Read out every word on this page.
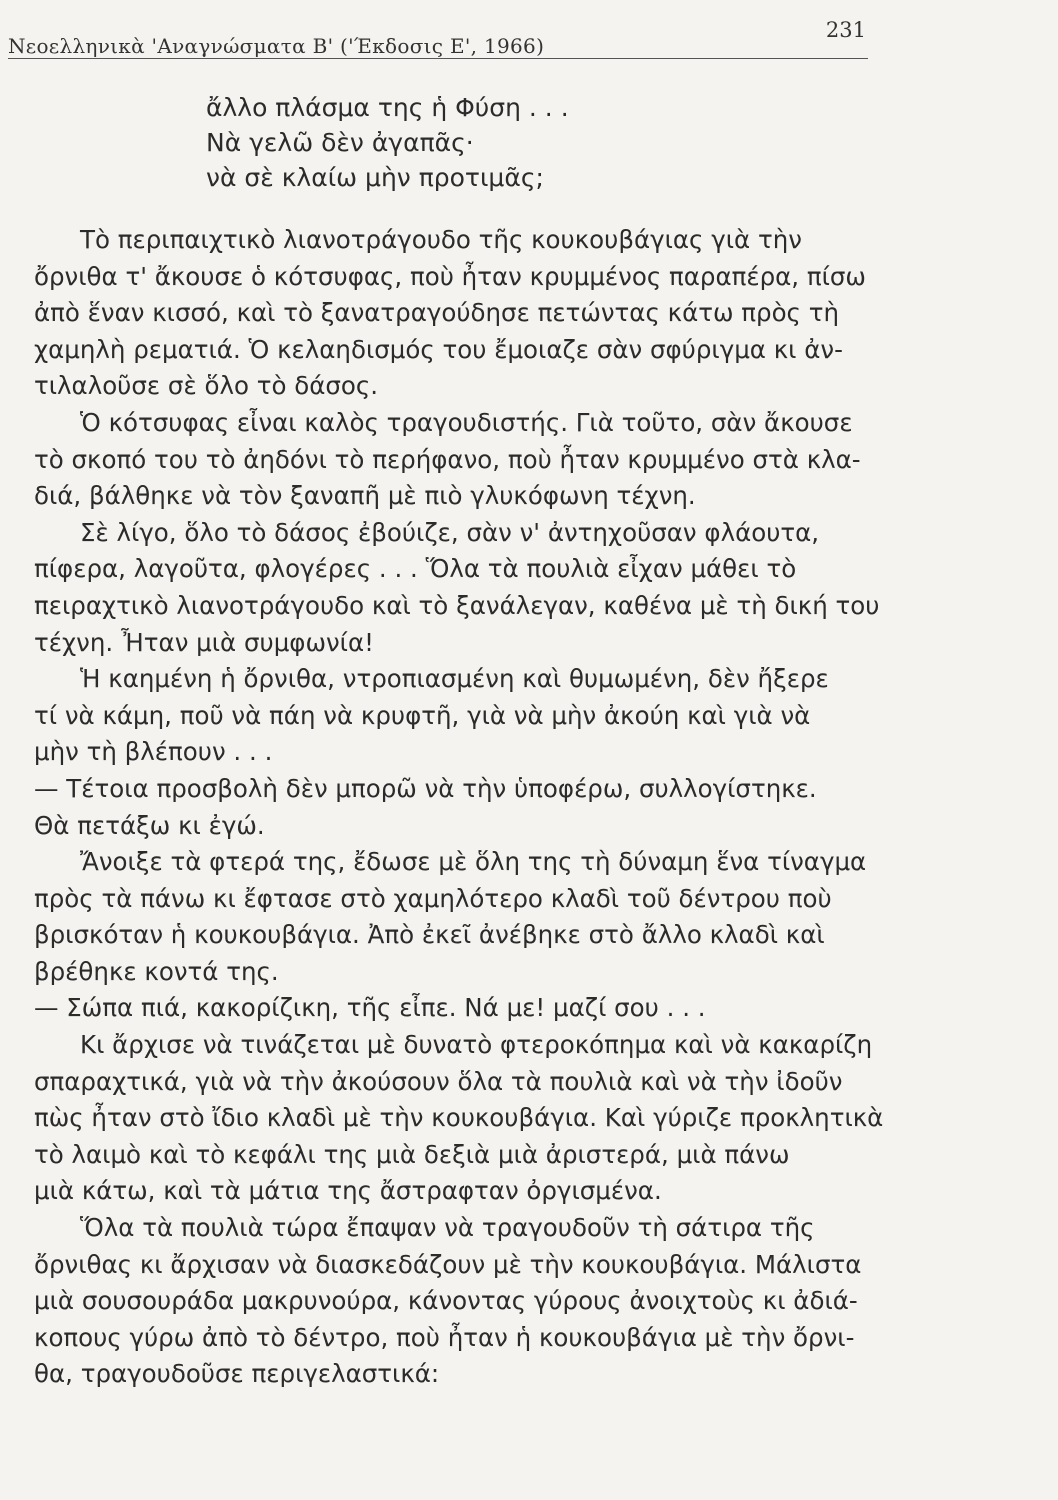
Νεοελληνικὰ 'Αναγνώσματα Β' ('Έκδοσις Ε', 1966)
231
ἄλλο πλάσμα της ἡ Φύση . . .
Νὰ γελῶ δὲν ἀγαπᾶς·
νὰ σὲ κλαίω μὴν προτιμᾶς;
Τὸ περιπαιχτικὸ λιανοτράγουδο τῆς κουκουβάγιας γιὰ τὴν
ὄρνιθα τ' ἄκουσε ὁ κότσυφας, ποὺ ἦταν κρυμμένος παραπέρα, πίσω
ἀπὸ ἕναν κισσό, καὶ τὸ ξανατραγούδησε πετώντας κάτω πρὸς τὴ
χαμηλὴ ρεματιά. Ὁ κελαηδισμός του ἔμοιαζε σὰν σφύριγμα κι ἀν-
τιλαλοῦσε σὲ ὅλο τὸ δάσος.
Ὁ κότσυφας εἶναι καλὸς τραγουδιστής. Γιὰ τοῦτο, σὰν ἄκουσε
τὸ σκοπό του τὸ ἀηδόνι τὸ περήφανο, ποὺ ἦταν κρυμμένο στὰ κλα-
διά, βάλθηκε νὰ τὸν ξαναπῆ μὲ πιὸ γλυκόφωνη τέχνη.
Σὲ λίγο, ὅλο τὸ δάσος ἐβούιζε, σὰν ν' ἀντηχοῦσαν φλάουτα,
πίφερα, λαγοῦτα, φλογέρες . . . Ὅλα τὰ πουλιὰ εἶχαν μάθει τὸ
πειραχτικὸ λιανοτράγουδο καὶ τὸ ξανάλεγαν, καθένα μὲ τὴ δική του
τέχνη. Ἦταν μιὰ συμφωνία!
Ἡ καημένη ἡ ὄρνιθα, ντροπιασμένη καὶ θυμωμένη, δὲν ἤξερε
τί νὰ κάμη, ποῦ νὰ πάη νὰ κρυφτῆ, γιὰ νὰ μὴν ἀκούη καὶ γιὰ νὰ
μὴν τὴ βλέπουν . . .
— Τέτοια προσβολὴ δὲν μπορῶ νὰ τὴν ὑποφέρω, συλλογίστηκε.
Θὰ πετάξω κι ἐγώ.
Ἄνοιξε τὰ φτερά της, ἔδωσε μὲ ὅλη της τὴ δύναμη ἕνα τίναγμα
πρὸς τὰ πάνω κι ἔφτασε στὸ χαμηλότερο κλαδὶ τοῦ δέντρου ποὺ
βρισκόταν ἡ κουκουβάγια. Ἀπὸ ἐκεῖ ἀνέβηκε στὸ ἄλλο κλαδὶ καὶ
βρέθηκε κοντά της.
— Σώπα πιά, κακορίζικη, τῆς εἶπε. Νά με! μαζί σου . . .
Κι ἄρχισε νὰ τινάζεται μὲ δυνατὸ φτεροκόπημα καὶ νὰ κακαρίζη
σπαραχτικά, γιὰ νὰ τὴν ἀκούσουν ὅλα τὰ πουλιὰ καὶ νὰ τὴν ἰδοῦν
πὼς ἦταν στὸ ἴδιο κλαδὶ μὲ τὴν κουκουβάγια. Καὶ γύριζε προκλητικὰ
τὸ λαιμὸ καὶ τὸ κεφάλι της μιὰ δεξιὰ μιὰ ἀριστερά, μιὰ πάνω
μιὰ κάτω, καὶ τὰ μάτια της ἄστραφταν ὀργισμένα.
Ὅλα τὰ πουλιὰ τώρα ἔπαψαν νὰ τραγουδοῦν τὴ σάτιρα τῆς
ὄρνιθας κι ἄρχισαν νὰ διασκεδάζουν μὲ τὴν κουκουβάγια. Μάλιστα
μιὰ σουσουράδα μακρυνούρα, κάνοντας γύρους ἀνοιχτοὺς κι ἀδιά-
κοπους γύρω ἀπὸ τὸ δέντρο, ποὺ ἦταν ἡ κουκουβάγια μὲ τὴν ὄρνι-
θα, τραγουδοῦσε περιγελαστικά:
